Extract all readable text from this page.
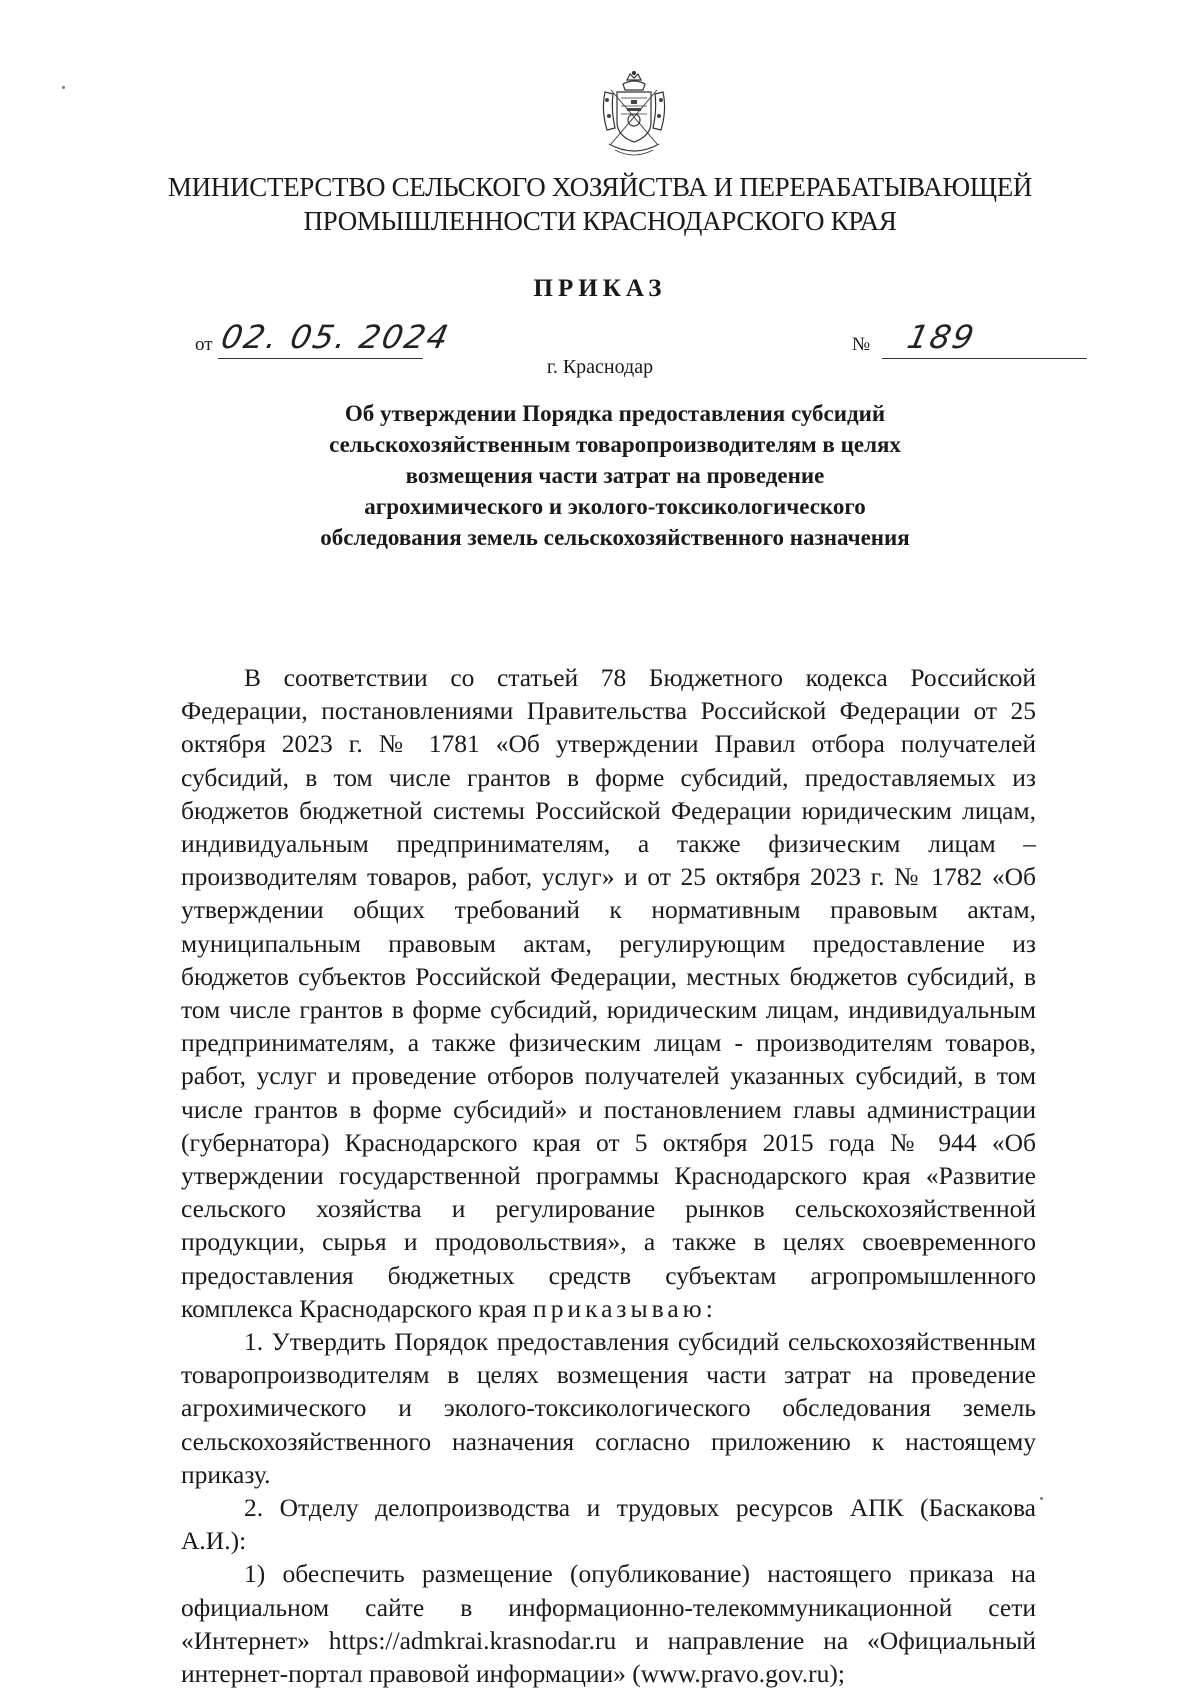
МИНИСТЕРСТВО СЕЛЬСКОГО ХОЗЯЙСТВА И ПЕРЕРАБАТЫВАЮЩЕЙ
ПРОМЫШЛЕННОСТИ КРАСНОДАРСКОГО КРАЯ
ПРИКАЗ
от 02. 05. 2024	№ 189
г. Краснодар
Об утверждении Порядка предоставления субсидий
сельскохозяйственным товаропроизводителям в целях
возмещения части затрат на проведение
агрохимического и эколого-токсикологического
обследования земель сельскохозяйственного назначения

В соответствии со статьей 78 Бюджетного кодекса Российской Федерации, постановлениями Правительства Российской Федерации от 25 октября 2023 г. № 1781 «Об утверждении Правил отбора получателей субсидий, в том числе грантов в форме субсидий, предоставляемых из бюджетов бюджетной системы Российской Федерации юридическим лицам, индивидуальным предпринимателям, а также физическим лицам – производителям товаров, работ, услуг» и от 25 октября 2023 г. № 1782 «Об утверждении общих требований к нормативным правовым актам, муниципальным правовым актам, регулирующим предоставление из бюджетов субъектов Российской Федерации, местных бюджетов субсидий, в том числе грантов в форме субсидий, юридическим лицам, индивидуальным предпринимателям, а также физическим лицам - производителям товаров, работ, услуг и проведение отборов получателей указанных субсидий, в том числе грантов в форме субсидий» и постановлением главы администрации (губернатора) Краснодарского края от 5 октября 2015 года № 944 «Об утверждении государственной программы Краснодарского края «Развитие сельского хозяйства и регулирование рынков сельскохозяйственной продукции, сырья и продовольствия», а также в целях своевременного предоставления бюджетных средств субъектам агропромышленного комплекса Краснодарского края приказываю:

1. Утвердить Порядок предоставления субсидий сельскохозяйственным товаропроизводителям в целях возмещения части затрат на проведение агрохимического и эколого-токсикологического обследования земель сельскохозяйственного назначения согласно приложению к настоящему приказу.

2. Отделу делопроизводства и трудовых ресурсов АПК (Баскакова А.И.):

1) обеспечить размещение (опубликование) настоящего приказа на официальном сайте в информационно-телекоммуникационной сети «Интернет» https://admkrai.krasnodar.ru и направление на «Официальный интернет-портал правовой информации» (www.pravo.gov.ru);
